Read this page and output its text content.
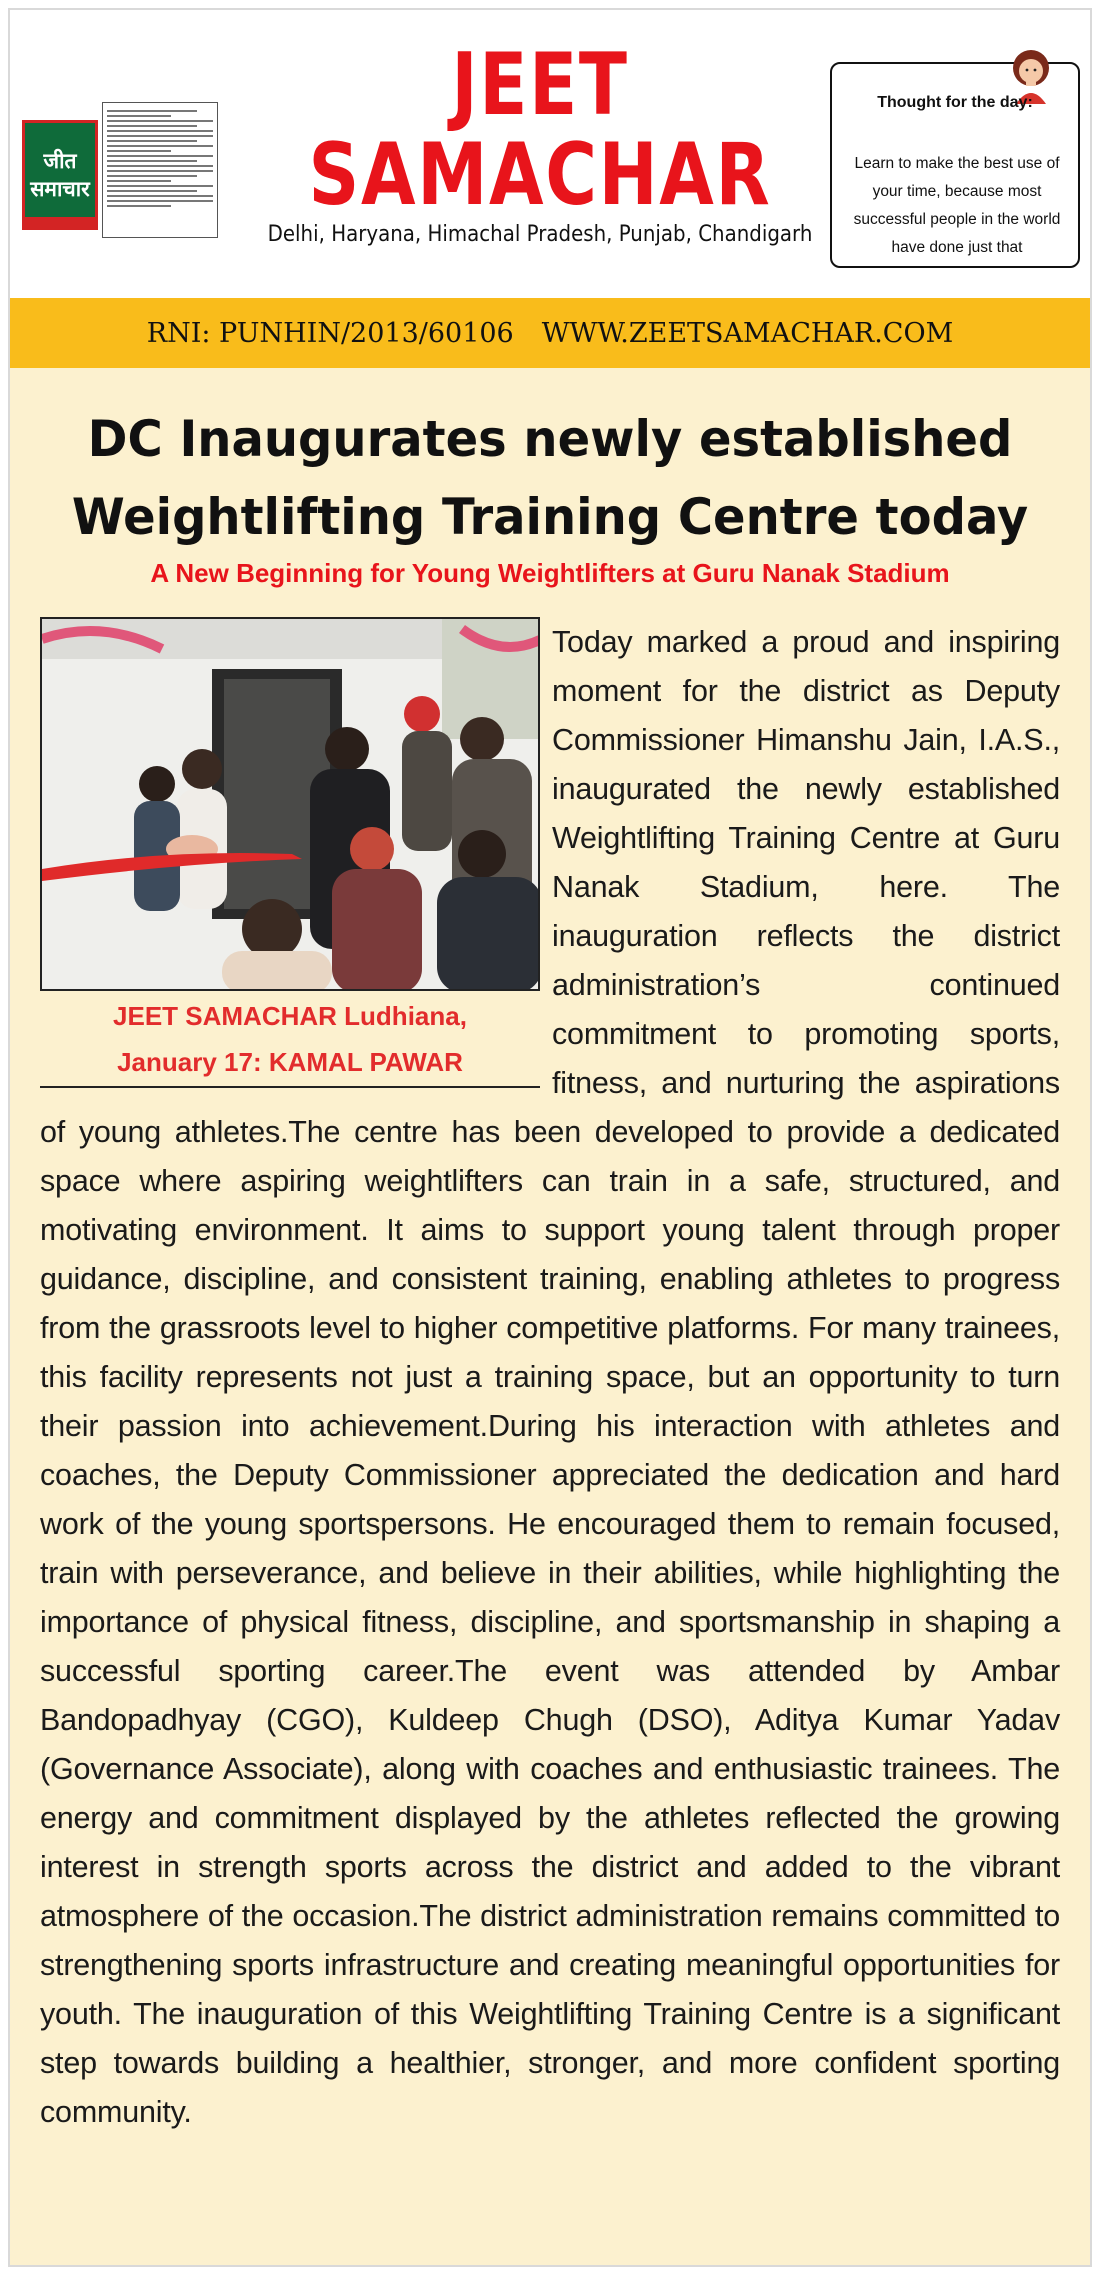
जीत
समाचार
JEET SAMACHAR
Delhi, Haryana, Himachal Pradesh, Punjab, Chandigarh
Thought for the day:
Learn to make the best use of your time, because most successful people in the world have done just that
RNI: PUNHIN/2013/60106 WWW.ZEETSAMACHAR.COM
DC Inaugurates newly established Weightlifting Training Centre today
A New Beginning for Young Weightlifters at Guru Nanak Stadium
JEET SAMACHAR Ludhiana,
January 17: KAMAL PAWAR
Today marked a proud and inspiring moment for the district as Deputy Commissioner Himanshu Jain, I.A.S., inaugurated the newly established Weightlifting Training Centre at Guru Nanak Stadium, here. The inauguration reflects the district administration’s continued commitment to promoting sports, fitness, and nurturing the aspirations of young athletes.The centre has been developed to provide a dedicated space where aspiring weightlifters can train in a safe, structured, and motivating environment. It aims to support young talent through proper guidance, discipline, and consistent training, enabling athletes to progress from the grassroots level to higher competitive platforms. For many trainees, this facility represents not just a training space, but an opportunity to turn their passion into achievement.During his interaction with athletes and coaches, the Deputy Commissioner appreciated the dedication and hard work of the young sportspersons. He encouraged them to remain focused, train with perseverance, and believe in their abilities, while highlighting the importance of physical fitness, discipline, and sportsmanship in shaping a successful sporting career.The event was attended by Ambar Bandopadhyay (CGO), Kuldeep Chugh (DSO), Aditya Kumar Yadav (Governance Associate), along with coaches and enthusiastic trainees. The energy and commitment displayed by the athletes reflected the growing interest in strength sports across the district and added to the vibrant atmosphere of the occasion.The district administration remains committed to strengthening sports infrastructure and creating meaningful opportunities for youth. The inauguration of this Weightlifting Training Centre is a significant step towards building a healthier, stronger, and more confident sporting community.
